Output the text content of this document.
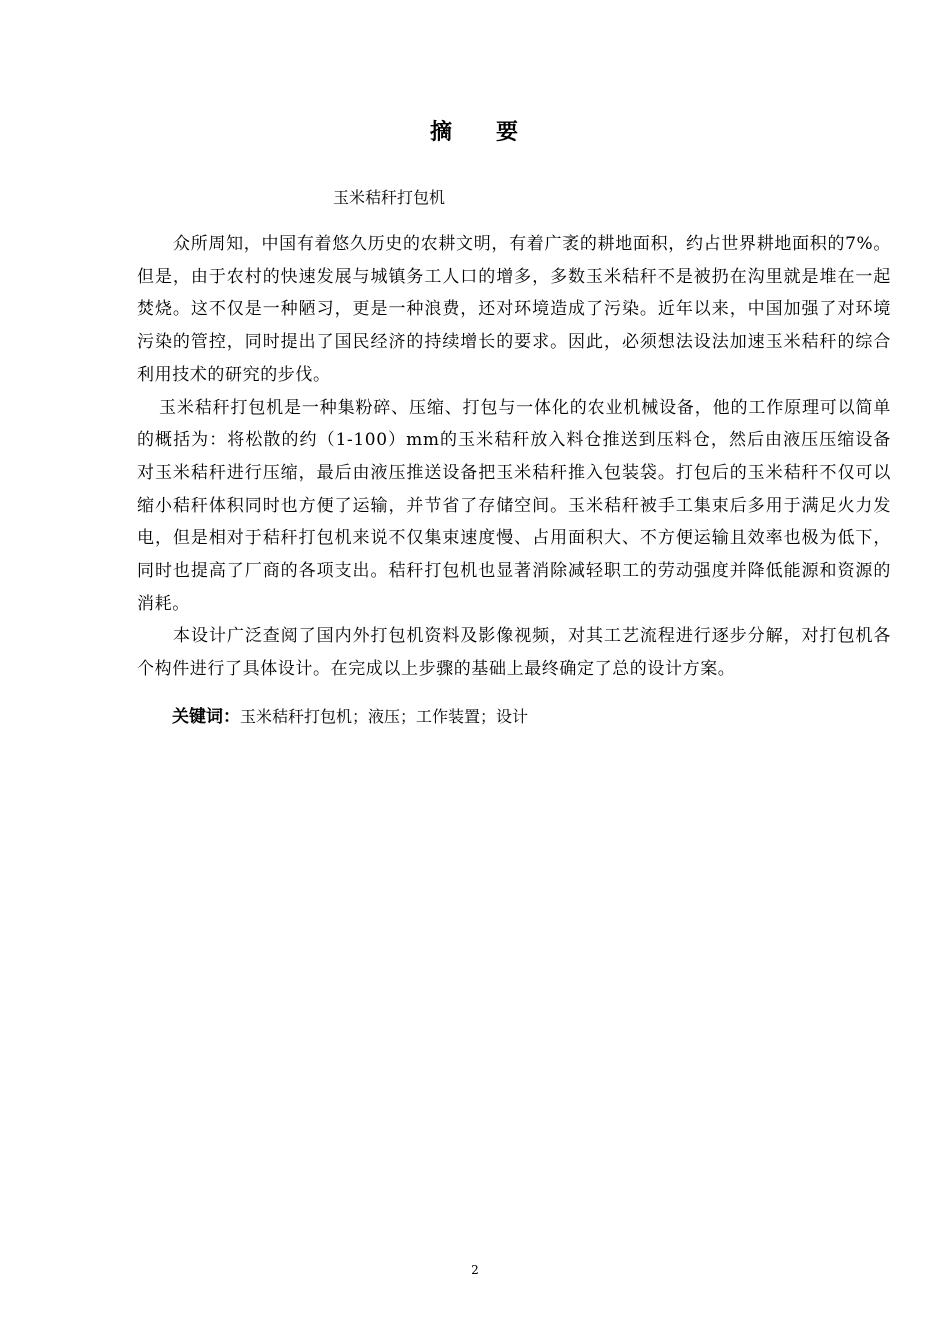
摘 要

玉米秸秆打包机

众所周知，中国有着悠久历史的农耕文明，有着广袤的耕地面积，约占世界耕地面积的7%。但是，由于农村的快速发展与城镇务工人口的增多，多数玉米秸秆不是被扔在沟里就是堆在一起焚烧。这不仅是一种陋习，更是一种浪费，还对环境造成了污染。近年以来，中国加强了对环境污染的管控，同时提出了国民经济的持续增长的要求。因此，必须想法设法加速玉米秸秆的综合利用技术的研究的步伐。

玉米秸秆打包机是一种集粉碎、压缩、打包与一体化的农业机械设备，他的工作原理可以简单的概括为：将松散的约（1-100）mm的玉米秸秆放入料仓推送到压料仓，然后由液压压缩设备对玉米秸秆进行压缩，最后由液压推送设备把玉米秸秆推入包装袋。打包后的玉米秸秆不仅可以缩小秸秆体积同时也方便了运输，并节省了存储空间。玉米秸秆被手工集束后多用于满足火力发电，但是相对于秸秆打包机来说不仅集束速度慢、占用面积大、不方便运输且效率也极为低下，同时也提高了厂商的各项支出。秸秆打包机也显著消除减轻职工的劳动强度并降低能源和资源的消耗。

本设计广泛查阅了国内外打包机资料及影像视频，对其工艺流程进行逐步分解，对打包机各个构件进行了具体设计。在完成以上步骤的基础上最终确定了总的设计方案。

关键词：玉米秸秆打包机；液压；工作装置；设计

2
